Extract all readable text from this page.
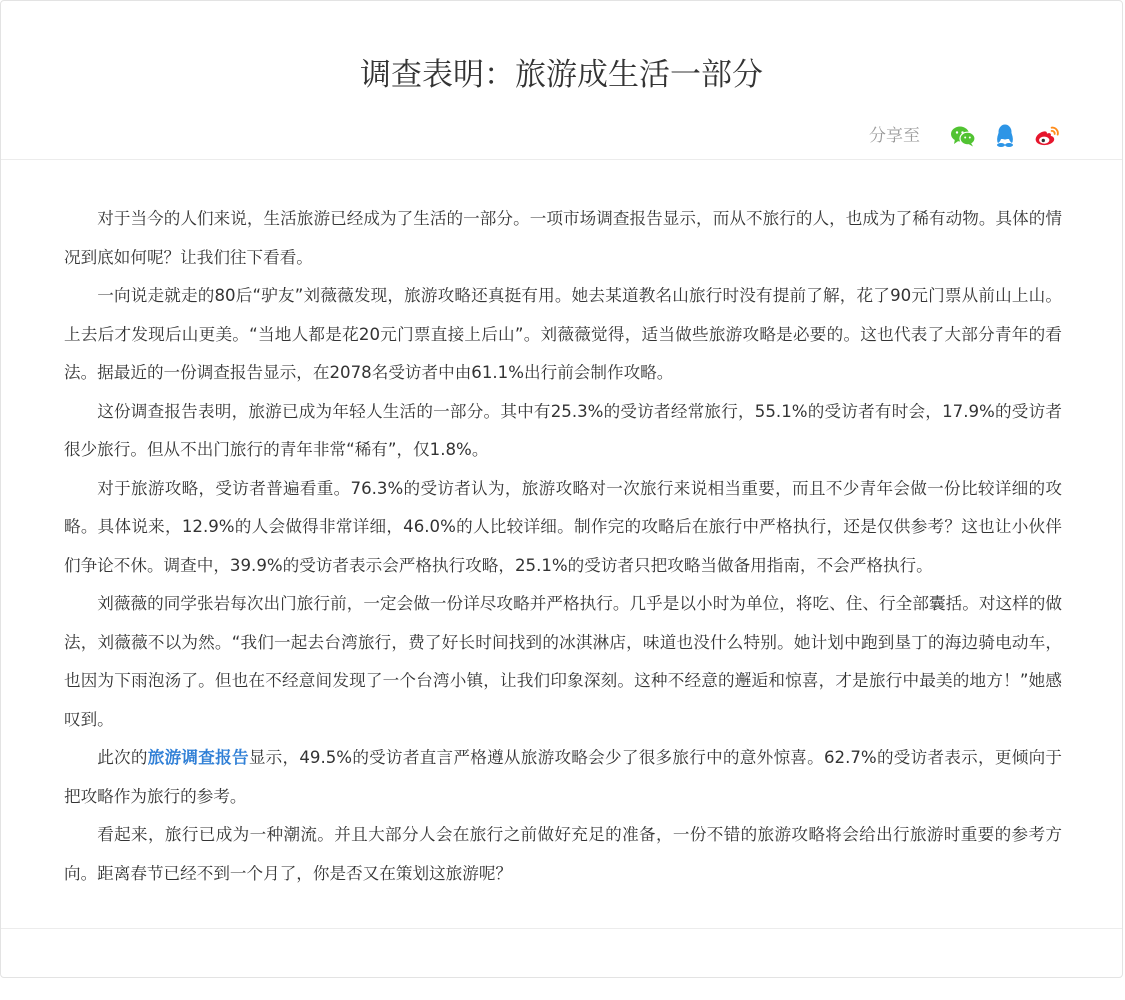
调查表明：旅游成生活一部分
分享至

对于当今的人们来说，生活旅游已经成为了生活的一部分。一项市场调查报告显示，而从不旅行的人，也成为了稀有动物。具体的情况到底如何呢？让我们往下看看。

一向说走就走的80后“驴友”刘薇薇发现，旅游攻略还真挺有用。她去某道教名山旅行时没有提前了解，花了90元门票从前山上山。上去后才发现后山更美。“当地人都是花20元门票直接上后山”。刘薇薇觉得，适当做些旅游攻略是必要的。这也代表了大部分青年的看法。据最近的一份调查报告显示，在2078名受访者中由61.1%出行前会制作攻略。

这份调查报告表明，旅游已成为年轻人生活的一部分。其中有25.3%的受访者经常旅行，55.1%的受访者有时会，17.9%的受访者很少旅行。但从不出门旅行的青年非常“稀有”，仅1.8%。

对于旅游攻略，受访者普遍看重。76.3%的受访者认为，旅游攻略对一次旅行来说相当重要，而且不少青年会做一份比较详细的攻略。具体说来，12.9%的人会做得非常详细，46.0%的人比较详细。制作完的攻略后在旅行中严格执行，还是仅供参考？这也让小伙伴们争论不休。调查中，39.9%的受访者表示会严格执行攻略，25.1%的受访者只把攻略当做备用指南，不会严格执行。

刘薇薇的同学张岩每次出门旅行前，一定会做一份详尽攻略并严格执行。几乎是以小时为单位，将吃、住、行全部囊括。对这样的做法，刘薇薇不以为然。“我们一起去台湾旅行，费了好长时间找到的冰淇淋店，味道也没什么特别。她计划中跑到垦丁的海边骑电动车，也因为下雨泡汤了。但也在不经意间发现了一个台湾小镇，让我们印象深刻。这种不经意的邂逅和惊喜，才是旅行中最美的地方！”她感叹到。

此次的旅游调查报告显示，49.5%的受访者直言严格遵从旅游攻略会少了很多旅行中的意外惊喜。62.7%的受访者表示，更倾向于把攻略作为旅行的参考。

看起来，旅行已成为一种潮流。并且大部分人会在旅行之前做好充足的准备，一份不错的旅游攻略将会给出行旅游时重要的参考方向。距离春节已经不到一个月了，你是否又在策划这旅游呢？
